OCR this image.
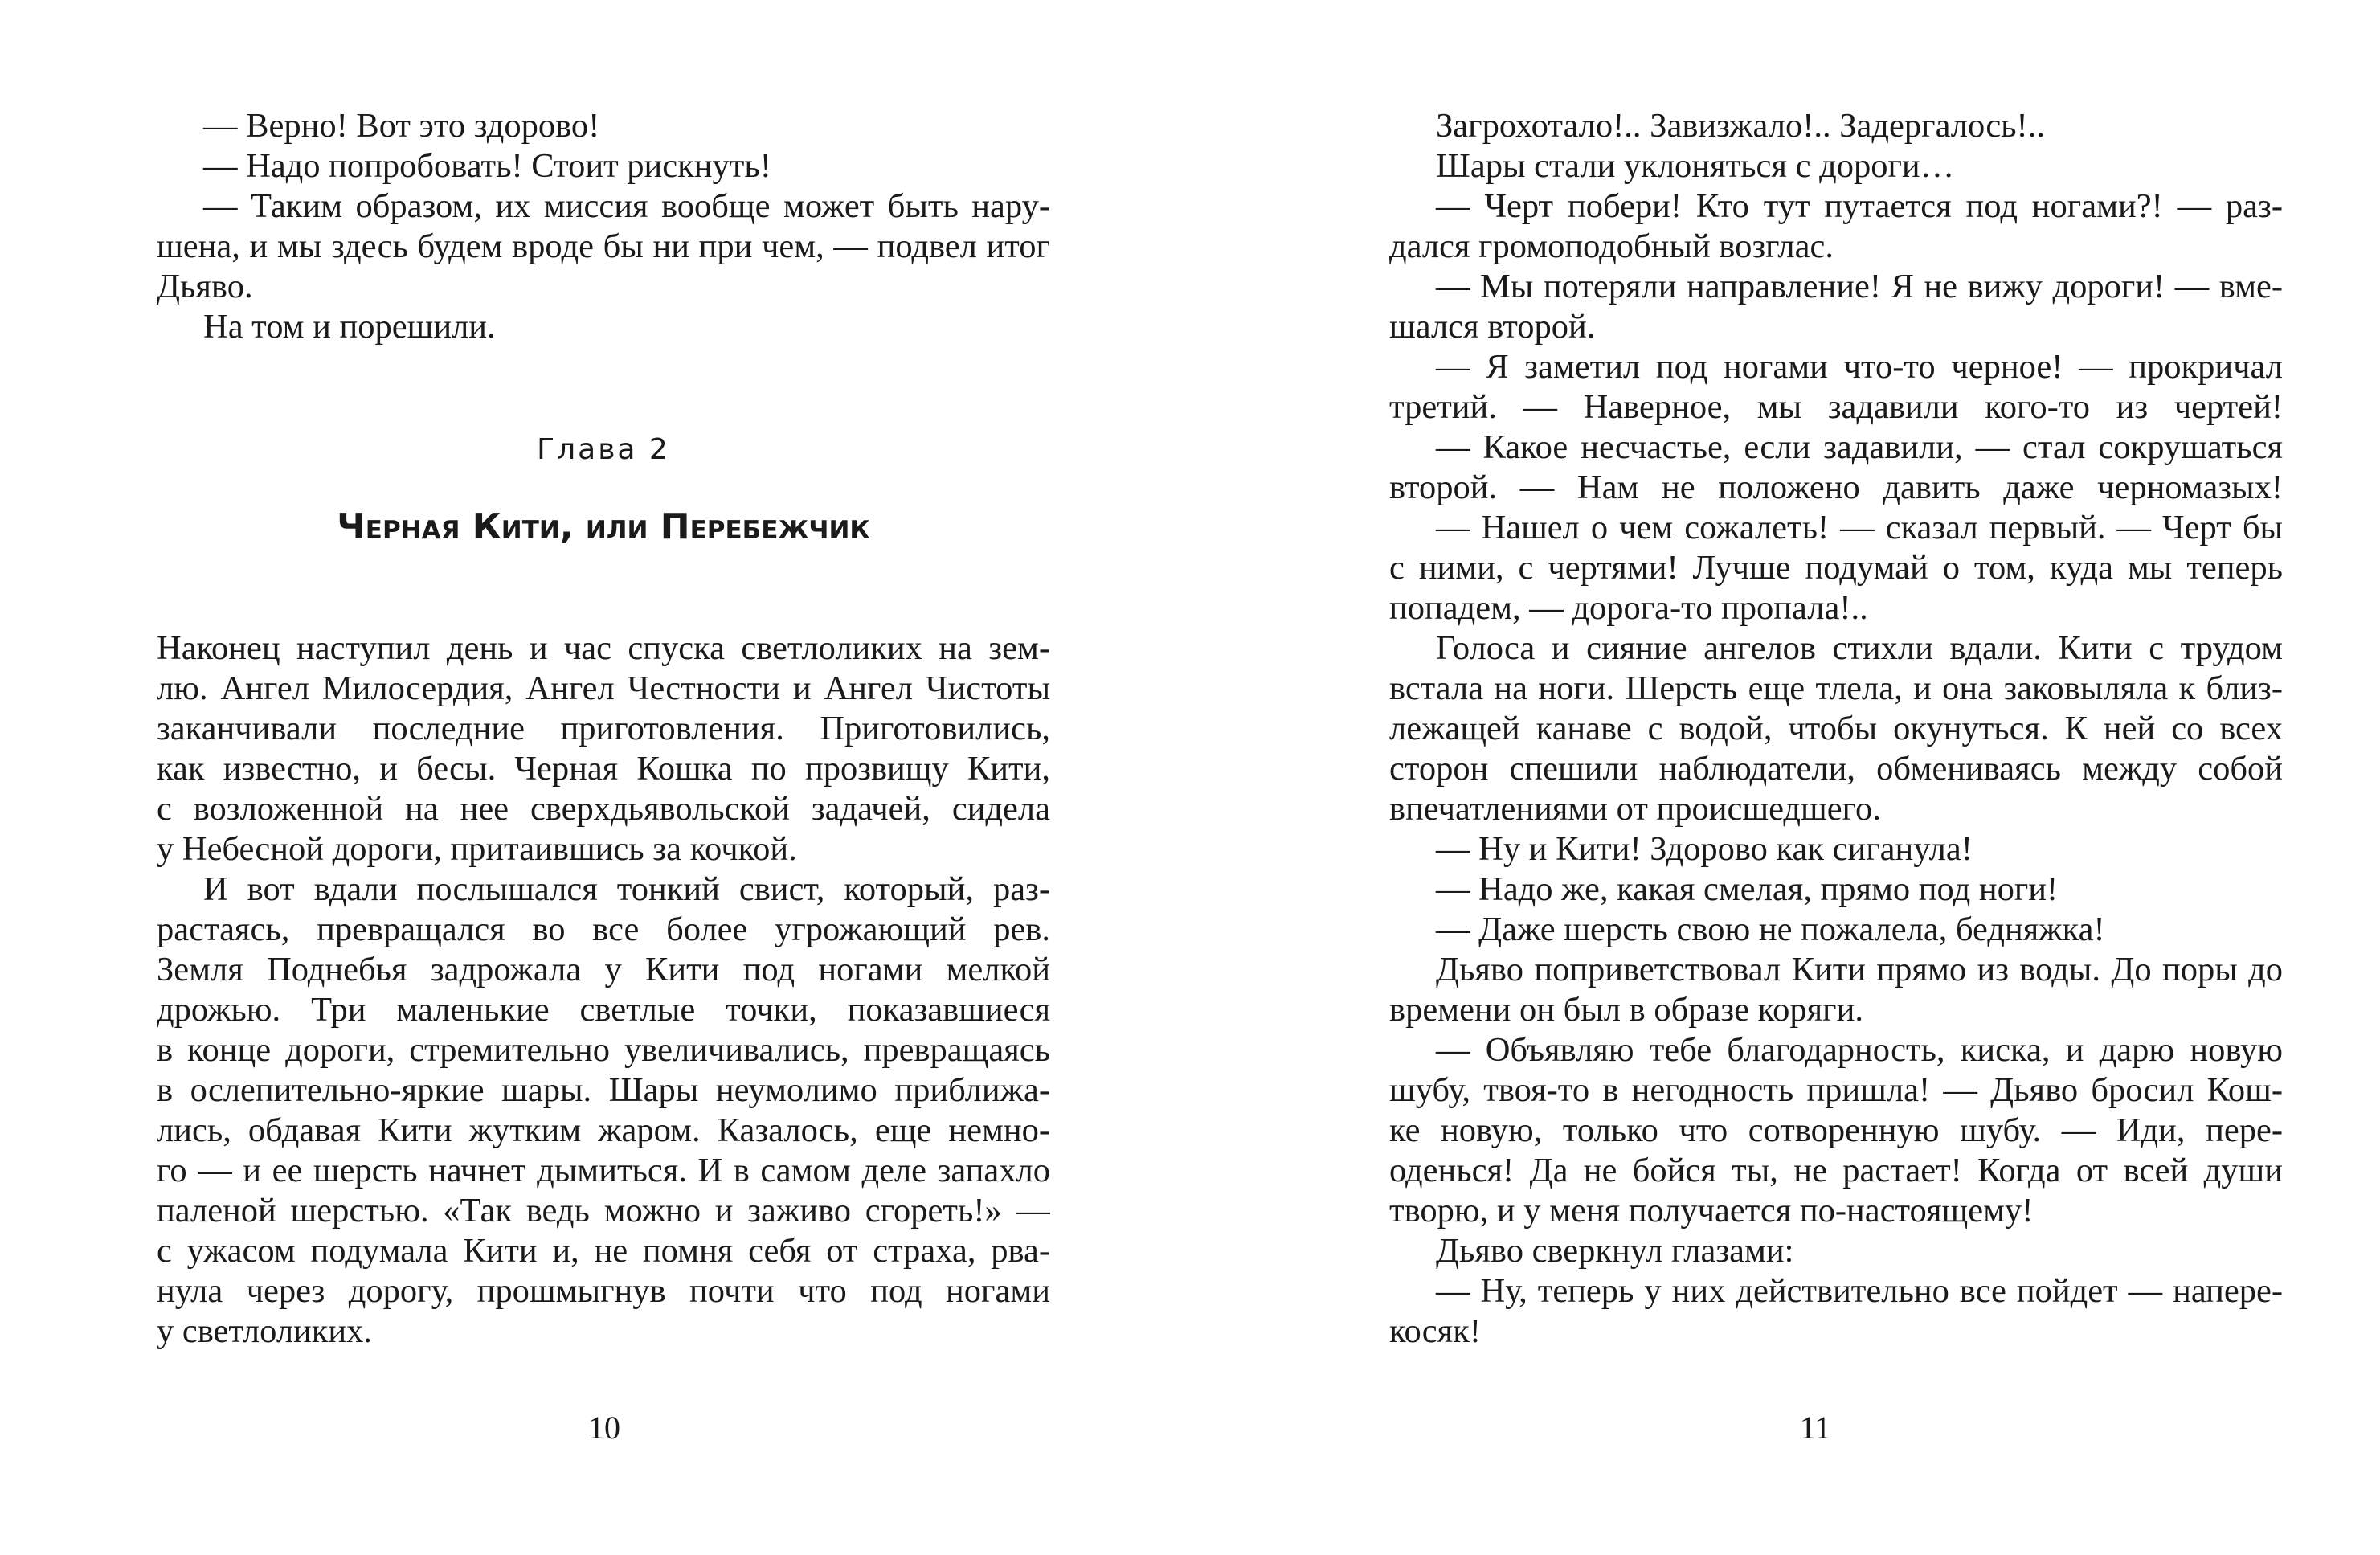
— Верно! Вот это здорово!
— Надо попробовать! Стоит рискнуть!
— Таким образом, их миссия вообще может быть нару-
шена, и мы здесь будем вроде бы ни при чем, — подвел итог
Дьяво.
На том и порешили.
Глава 2
Черная Кити, или Перебежчик
Наконец наступил день и час спуска светлоликих на зем-
лю. Ангел Милосердия, Ангел Честности и Ангел Чистоты
заканчивали последние приготовления. Приготовились,
как известно, и бесы. Черная Кошка по прозвищу Кити,
с возложенной на нее сверхдьявольской задачей, сидела
у Небесной дороги, притаившись за кочкой.
И вот вдали послышался тонкий свист, который, раз-
растаясь, превращался во все более угрожающий рев.
Земля Поднебья задрожала у Кити под ногами мелкой
дрожью. Три маленькие светлые точки, показавшиеся
в конце дороги, стремительно увеличивались, превращаясь
в ослепительно-яркие шары. Шары неумолимо приближа-
лись, обдавая Кити жутким жаром. Казалось, еще немно-
го — и ее шерсть начнет дымиться. И в самом деле запахло
паленой шерстью. «Так ведь можно и заживо сгореть!» —
с ужасом подумала Кити и, не помня себя от страха, рва-
нула через дорогу, прошмыгнув почти что под ногами
у светлоликих.
10
Загрохотало!.. Завизжало!.. Задергалось!..
Шары стали уклоняться с дороги…
— Черт побери! Кто тут путается под ногами?! — раз-
дался громоподобный возглас.
— Мы потеряли направление! Я не вижу дороги! — вме-
шался второй.
— Я заметил под ногами что-то черное! — прокричал
третий. — Наверное, мы задавили кого-то из чертей!
— Какое несчастье, если задавили, — стал сокрушаться
второй. — Нам не положено давить даже черномазых!
— Нашел о чем сожалеть! — сказал первый. — Черт бы
с ними, с чертями! Лучше подумай о том, куда мы теперь
попадем, — дорога-то пропала!..
Голоса и сияние ангелов стихли вдали. Кити с трудом
встала на ноги. Шерсть еще тлела, и она заковыляла к близ-
лежащей канаве с водой, чтобы окунуться. К ней со всех
сторон спешили наблюдатели, обмениваясь между собой
впечатлениями от происшедшего.
— Ну и Кити! Здорово как сиганула!
— Надо же, какая смелая, прямо под ноги!
— Даже шерсть свою не пожалела, бедняжка!
Дьяво поприветствовал Кити прямо из воды. До поры до
времени он был в образе коряги.
— Объявляю тебе благодарность, киска, и дарю новую
шубу, твоя-то в негодность пришла! — Дьяво бросил Кош-
ке новую, только что сотворенную шубу. — Иди, пере-
оденься! Да не бойся ты, не растает! Когда от всей души
творю, и у меня получается по-настоящему!
Дьяво сверкнул глазами:
— Ну, теперь у них действительно все пойдет — напере-
косяк!
11
